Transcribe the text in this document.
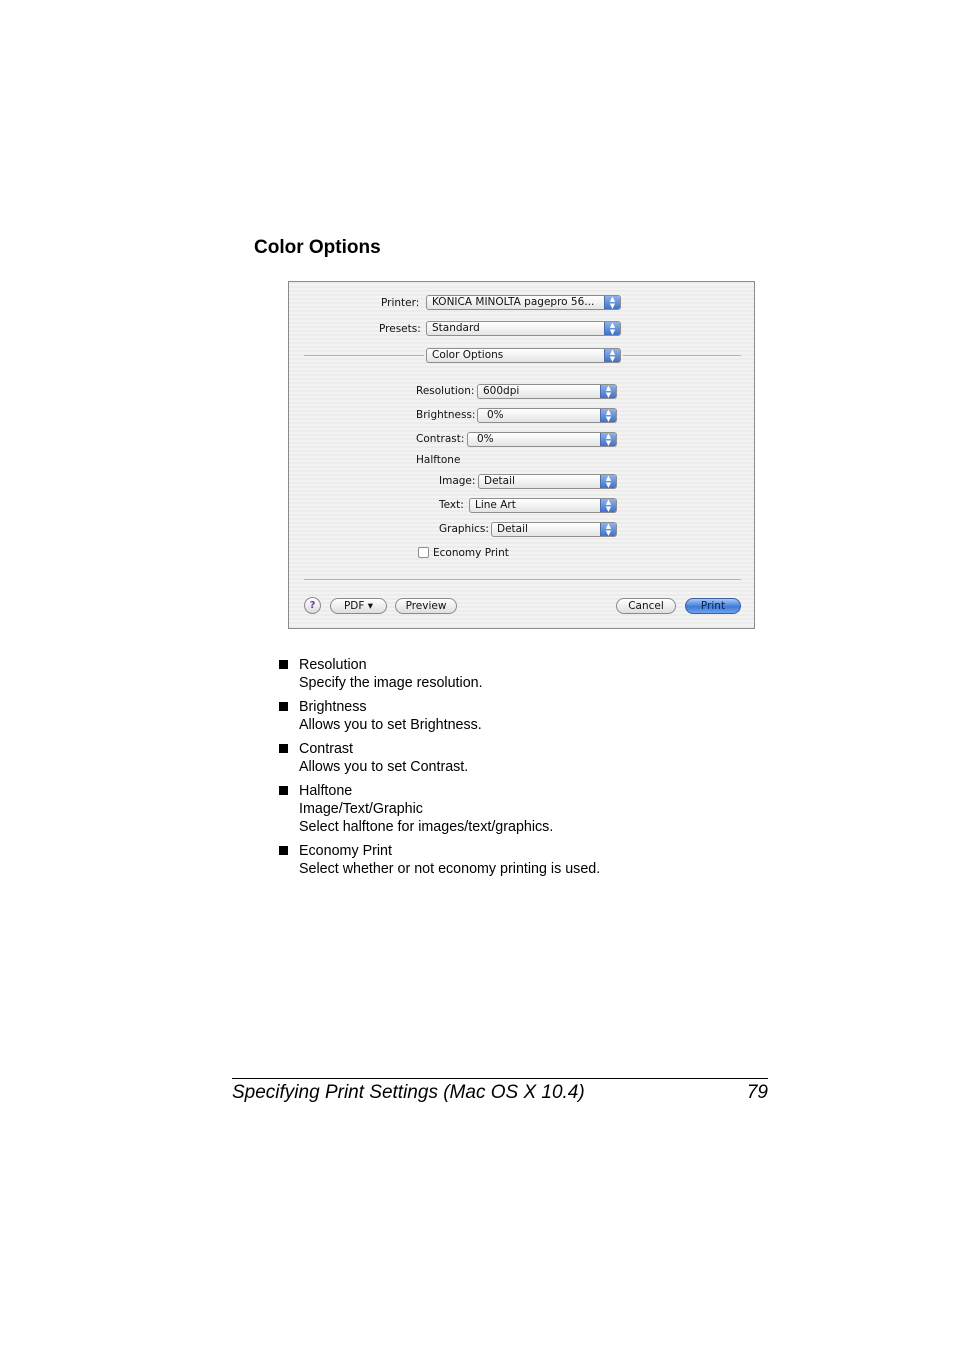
Color Options
Printer:	KONICA MINOLTA pagepro 56...	▲
▼
Presets:	Standard	▲
▼
Color Options	▲
▼
Resolution: 600dpi	▲
▼
Brightness:	0%	▲
▼
Contrast:	0%	▲
▼
Halftone
Image: Detail	▲
▼
Text:	Line Art	▲
▼
Graphics: Detail	▲
▼
Economy Print
?	PDF ▾	Preview	Cancel	Print
Resolution
Specify the image resolution.
Brightness
Allows you to set Brightness.
Contrast
Allows you to set Contrast.
Halftone
Image/Text/Graphic
Select halftone for images/text/graphics.
Economy Print
Select whether or not economy printing is used.
Specifying Print Settings (Mac OS X 10.4)	79
